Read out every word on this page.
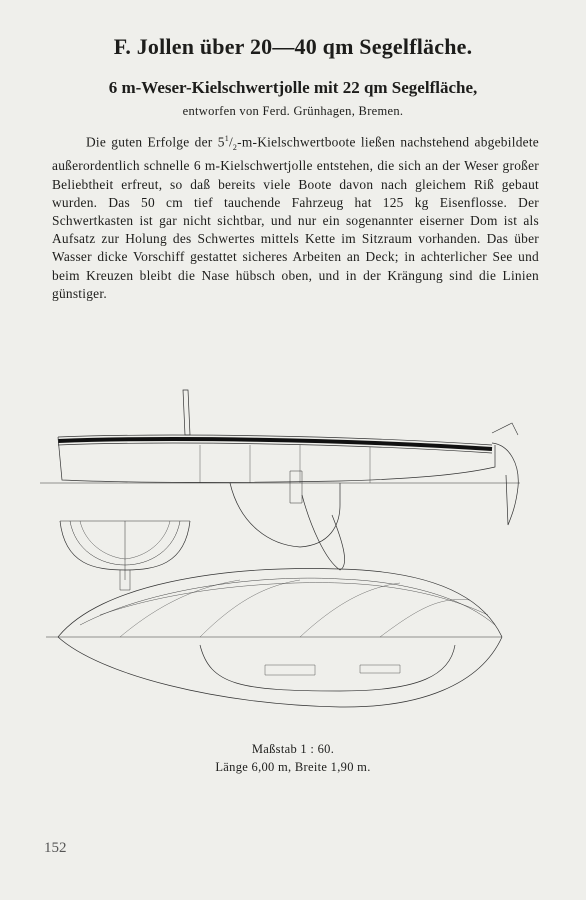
F. Jollen über 20—40 qm Segelfläche.
6 m-Weser-Kielschwertjolle mit 22 qm Segelfläche,
entworfen von Ferd. Grünhagen, Bremen.

Die guten Erfolge der $5^1/_2-m$-Kielschwertboote ließen nachstehend abgebildete außerordentlich schnelle 6 m-Kielschwertjolle entstehen, die sich an der Weser großer Beliebtheit erfreut, so daß bereits viele Boote davon nach gleichem Riß gebaut wurden. Das 50 cm tief tauchende Fahrzeug hat 125 kg Eisenflosse. Der Schwertkasten ist gar nicht sichtbar, und nur ein sogenannter eiserner Dom ist als Aufsatz zur Holung des Schwertes mittels Kette im Sitzraum vorhanden. Das über Wasser dicke Vorschiff gestattet sicheres Arbeiten an Deck; in achterlicher See und beim Kreuzen bleibt die Nase hübsch oben, und in der Krängung sind die Linien günstiger.

Maßstab 1 : 60.
Länge 6,00 m, Breite 1,90 m.
152
